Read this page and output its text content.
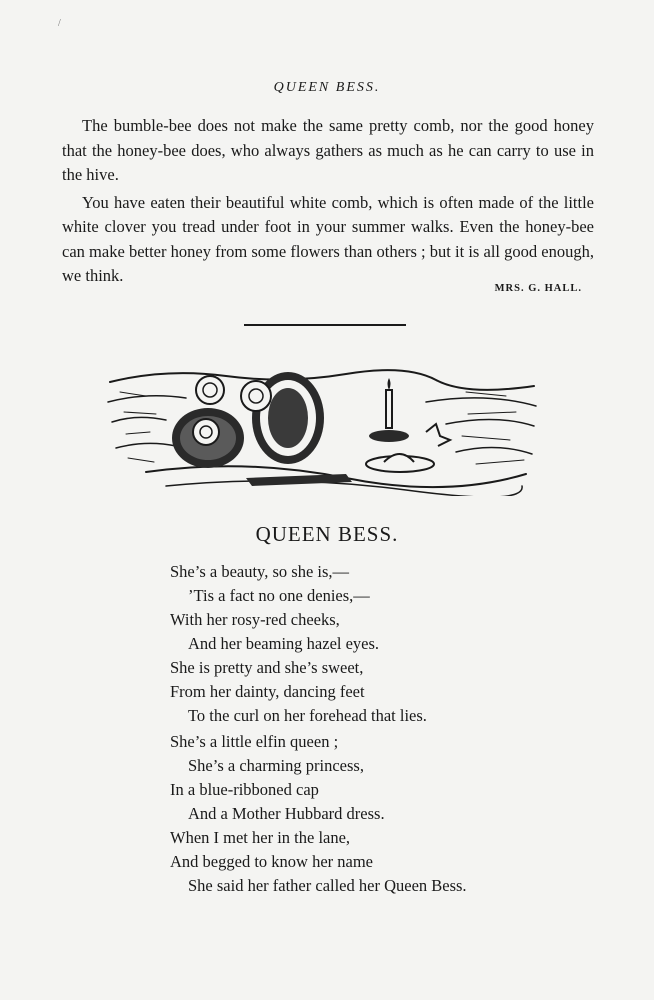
/
QUEEN BESS.

The bumble-bee does not make the same pretty comb, nor the good honey that the honey-bee does, who always gathers as much as he can carry to use in the hive.

You have eaten their beautiful white comb, which is often made of the little white clover you tread under foot in your summer walks. Even the honey-bee can make better honey from some flowers than others ; but it is all good enough, we think.

MRS. G. HALL.
QUEEN BESS.
She’s a beauty, so she is,—
’Tis a fact no one denies,—
With her rosy-red cheeks,
And her beaming hazel eyes.
She is pretty and she’s sweet,
From her dainty, dancing feet
To the curl on her forehead that lies.
She’s a little elfin queen ;
She’s a charming princess,
In a blue-ribboned cap
And a Mother Hubbard dress.
When I met her in the lane,
And begged to know her name
She said her father called her Queen Bess.
